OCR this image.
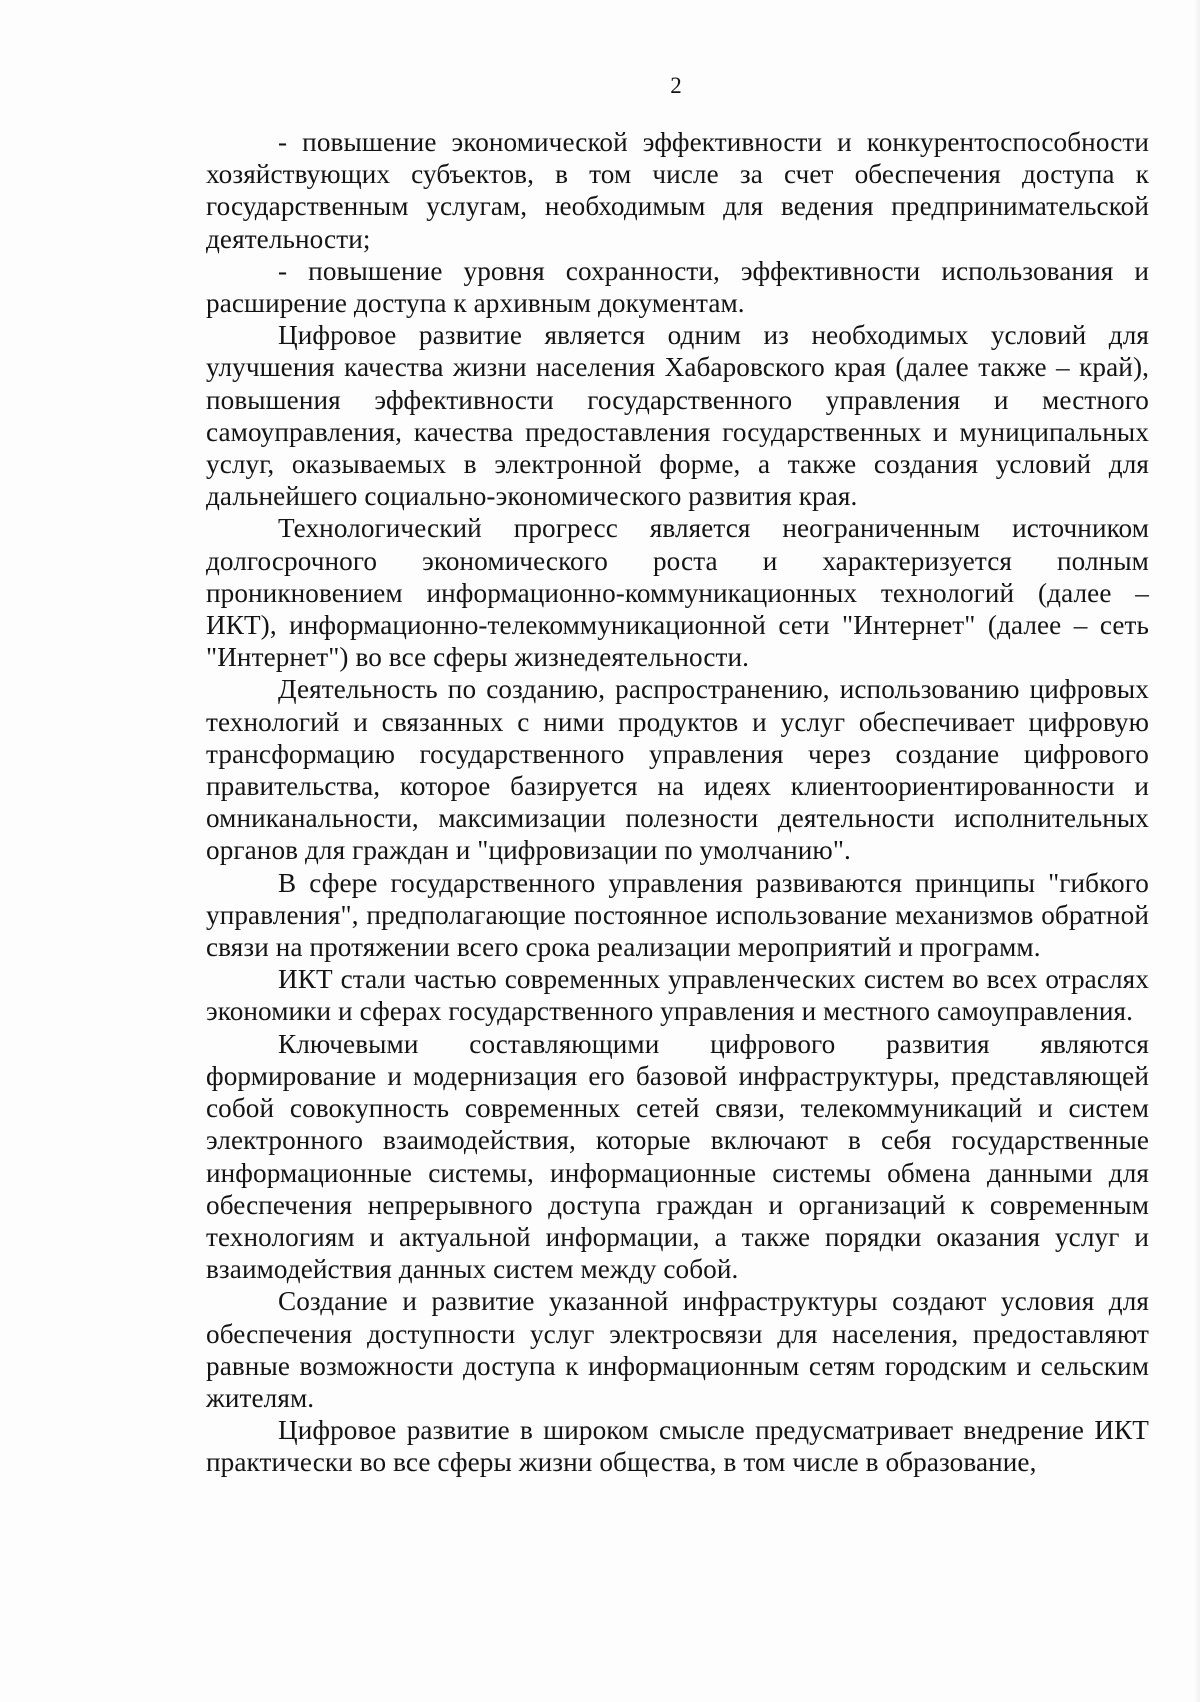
2

- повышение экономической эффективности и конкурентоспособности хозяйствующих субъектов, в том числе за счет обеспечения доступа к государственным услугам, необходимым для ведения предпринимательской деятельности;

- повышение уровня сохранности, эффективности использования и расширение доступа к архивным документам.

Цифровое развитие является одним из необходимых условий для улучшения качества жизни населения Хабаровского края (далее также – край), повышения эффективности государственного управления и местного самоуправления, качества предоставления государственных и муниципальных услуг, оказываемых в электронной форме, а также создания условий для дальнейшего социально-экономического развития края.

Технологический прогресс является неограниченным источником долгосрочного экономического роста и характеризуется полным проникновением информационно-коммуникационных технологий (далее – ИКТ), информационно-телекоммуникационной сети "Интернет" (далее – сеть "Интернет") во все сферы жизнедеятельности.

Деятельность по созданию, распространению, использованию цифровых технологий и связанных с ними продуктов и услуг обеспечивает цифровую трансформацию государственного управления через создание цифрового правительства, которое базируется на идеях клиентоориентированности и омниканальности, максимизации полезности деятельности исполнительных органов для граждан и "цифровизации по умолчанию".

В сфере государственного управления развиваются принципы "гибкого управления", предполагающие постоянное использование механизмов обратной связи на протяжении всего срока реализации мероприятий и программ.

ИКТ стали частью современных управленческих систем во всех отраслях экономики и сферах государственного управления и местного самоуправления.

Ключевыми составляющими цифрового развития являются формирование и модернизация его базовой инфраструктуры, представляющей собой совокупность современных сетей связи, телекоммуникаций и систем электронного взаимодействия, которые включают в себя государственные информационные системы, информационные системы обмена данными для обеспечения непрерывного доступа граждан и организаций к современным технологиям и актуальной информации, а также порядки оказания услуг и взаимодействия данных систем между собой.

Создание и развитие указанной инфраструктуры создают условия для обеспечения доступности услуг электросвязи для населения, предоставляют равные возможности доступа к информационным сетям городским и сельским жителям.

Цифровое развитие в широком смысле предусматривает внедрение ИКТ практически во все сферы жизни общества, в том числе в образование,
